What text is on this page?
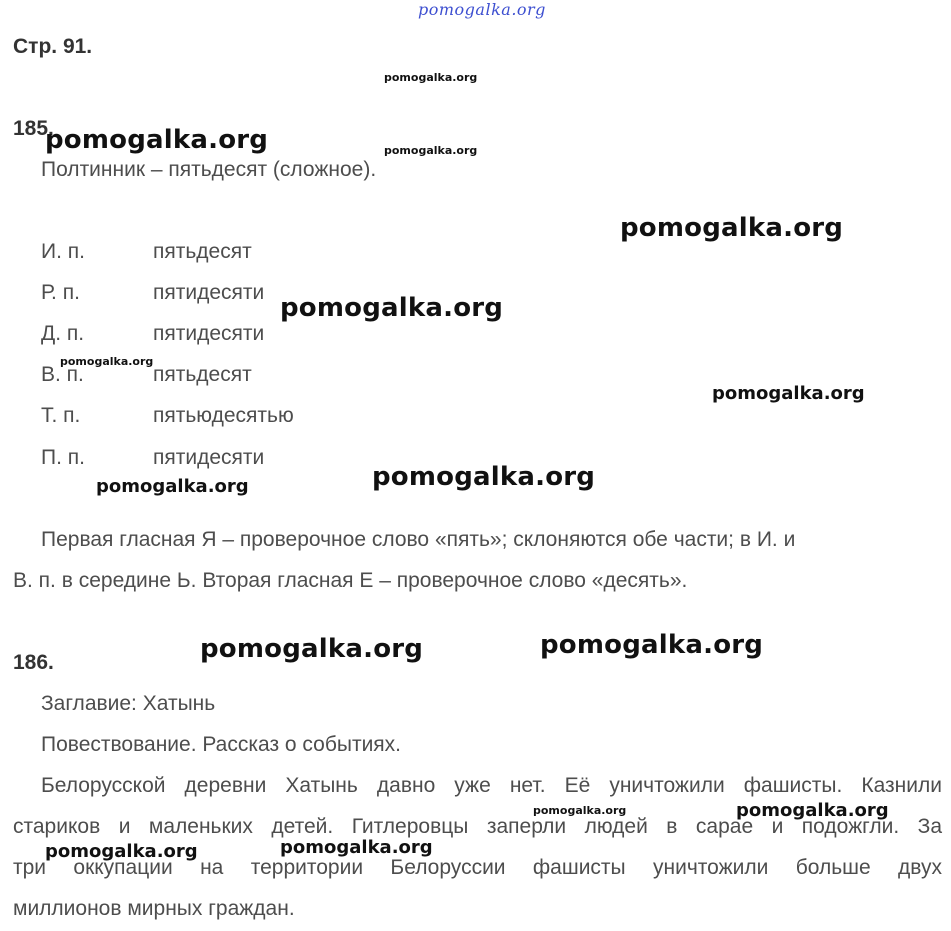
pomogalka.org
Стр. 91.
185.
Полтинник – пятьдесят (сложное).
И. п.	пятьдесят
Р. п.	пятидесяти
Д. п.	пятидесяти
В. п.	пятьдесят
Т. п.	пятьюдесятью
П. п.	пятидесяти
Первая гласная Я – проверочное слово «пять»; склоняются обе части; в И. и
В. п. в середине Ь. Вторая гласная Е – проверочное слово «десять».
186.
Заглавие: Хатынь
Повествование. Рассказ о событиях.
Белорусской деревни Хатынь давно уже нет. Её уничтожили фашисты. Казнили
стариков и маленьких детей. Гитлеровцы заперли людей в сарае и подожгли. За
три оккупации на территории Белоруссии фашисты уничтожили больше двух
миллионов мирных граждан.
pomogalka.org
pomogalka.org	pomogalka.org
pomogalka.org
pomogalka.org
pomogalka.org
pomogalka.org
pomogalka.org
pomogalka.org
pomogalka.org
pomogalka.org
pomogalka.org	pomogalka.org
pomogalka.org
pomogalka.org
